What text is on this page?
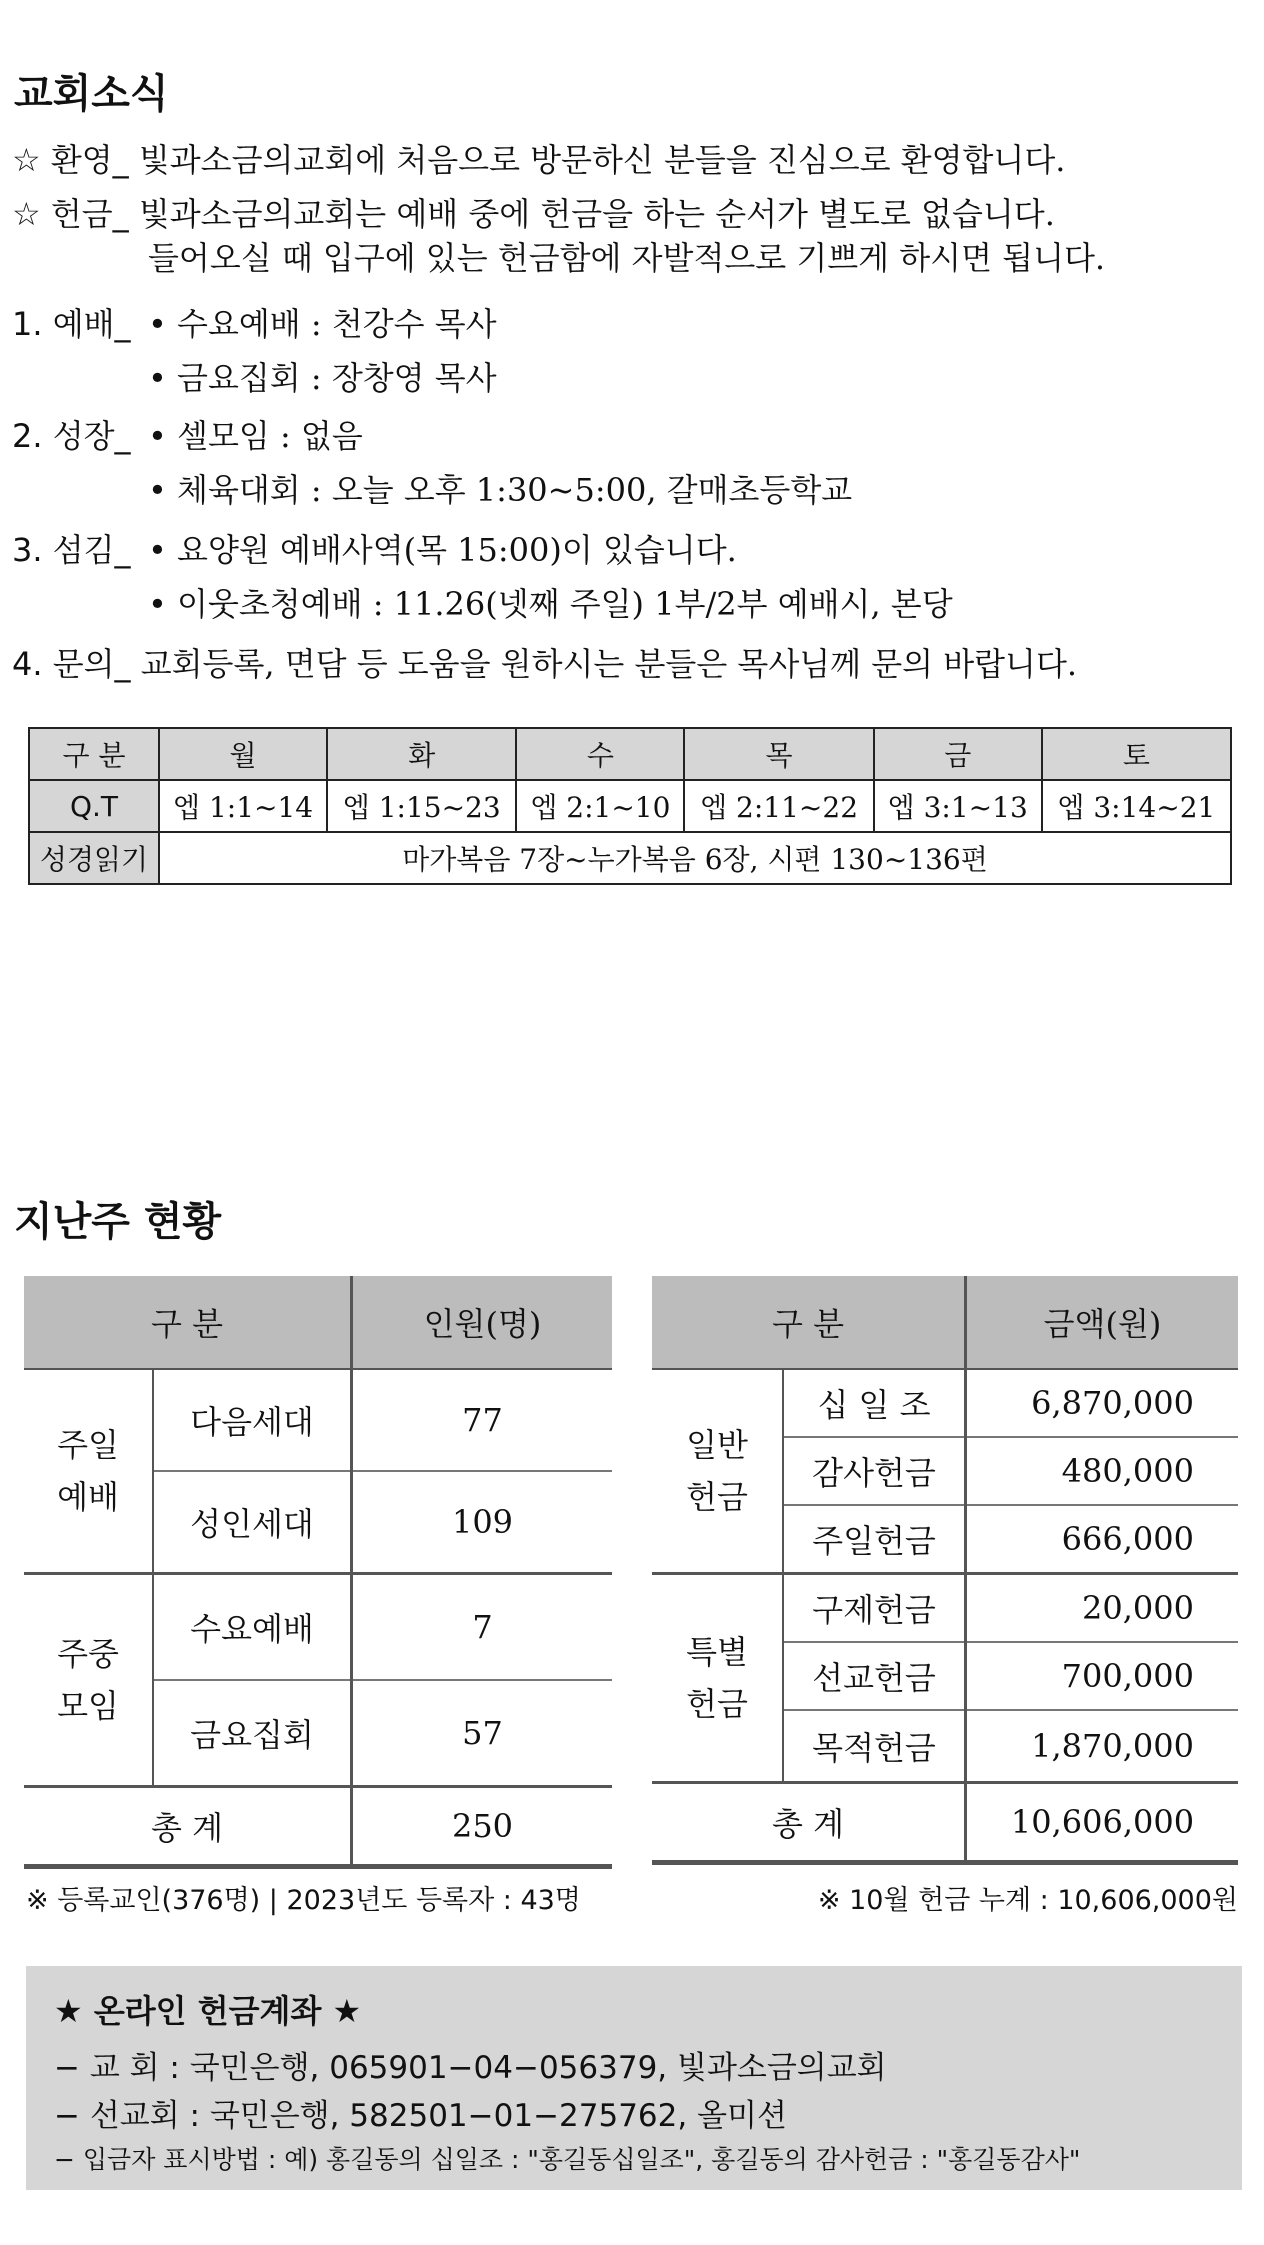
교회소식
☆ 환영_ 빛과소금의교회에 처음으로 방문하신 분들을 진심으로 환영합니다.
☆ 헌금_ 빛과소금의교회는 예배 중에 헌금을 하는 순서가 별도로 없습니다.
들어오실 때 입구에 있는 헌금함에 자발적으로 기쁘게 하시면 됩니다.
1. 예배_ • 수요예배 : 천강수 목사
• 금요집회 : 장창영 목사
2. 성장_ • 셀모임 : 없음
• 체육대회 : 오늘 오후 1:30~5:00, 갈매초등학교
3. 섬김_ • 요양원 예배사역(목 15:00)이 있습니다.
• 이웃초청예배 : 11.26(넷째 주일) 1부/2부 예배시, 본당
4. 문의_ 교회등록, 면담 등 도움을 원하시는 분들은 목사님께 문의 바랍니다.
구 분	월	화	수	목	금	토
Q.T	엡 1:1~14	엡 1:15~23	엡 2:1~10	엡 2:11~22	엡 3:1~13	엡 3:14~21
성경읽기	마가복음 7장~누가복음 6장, 시편 130~136편					
지난주 현황
구 분		인원(명)
주일
예배	다음세대	77
	성인세대	109
주중
모임	수요예배	7
	금요집회	57
총 계		250
구 분		금액(원)
일반
헌금	십 일 조	6,870,000
	감사헌금	480,000
	주일헌금	666,000
특별
헌금	구제헌금	20,000
	선교헌금	700,000
	목적헌금	1,870,000
총 계		10,606,000
※ 등록교인(376명) | 2023년도 등록자 : 43명	※ 10월 헌금 누계 : 10,606,000원
★ 온라인 헌금계좌 ★
− 교 회 : 국민은행, 065901−04−056379, 빛과소금의교회
− 선교회 : 국민은행, 582501−01−275762, 올미션
− 입금자 표시방법 : 예) 홍길동의 십일조 : "홍길동십일조", 홍길동의 감사헌금 : "홍길동감사"
